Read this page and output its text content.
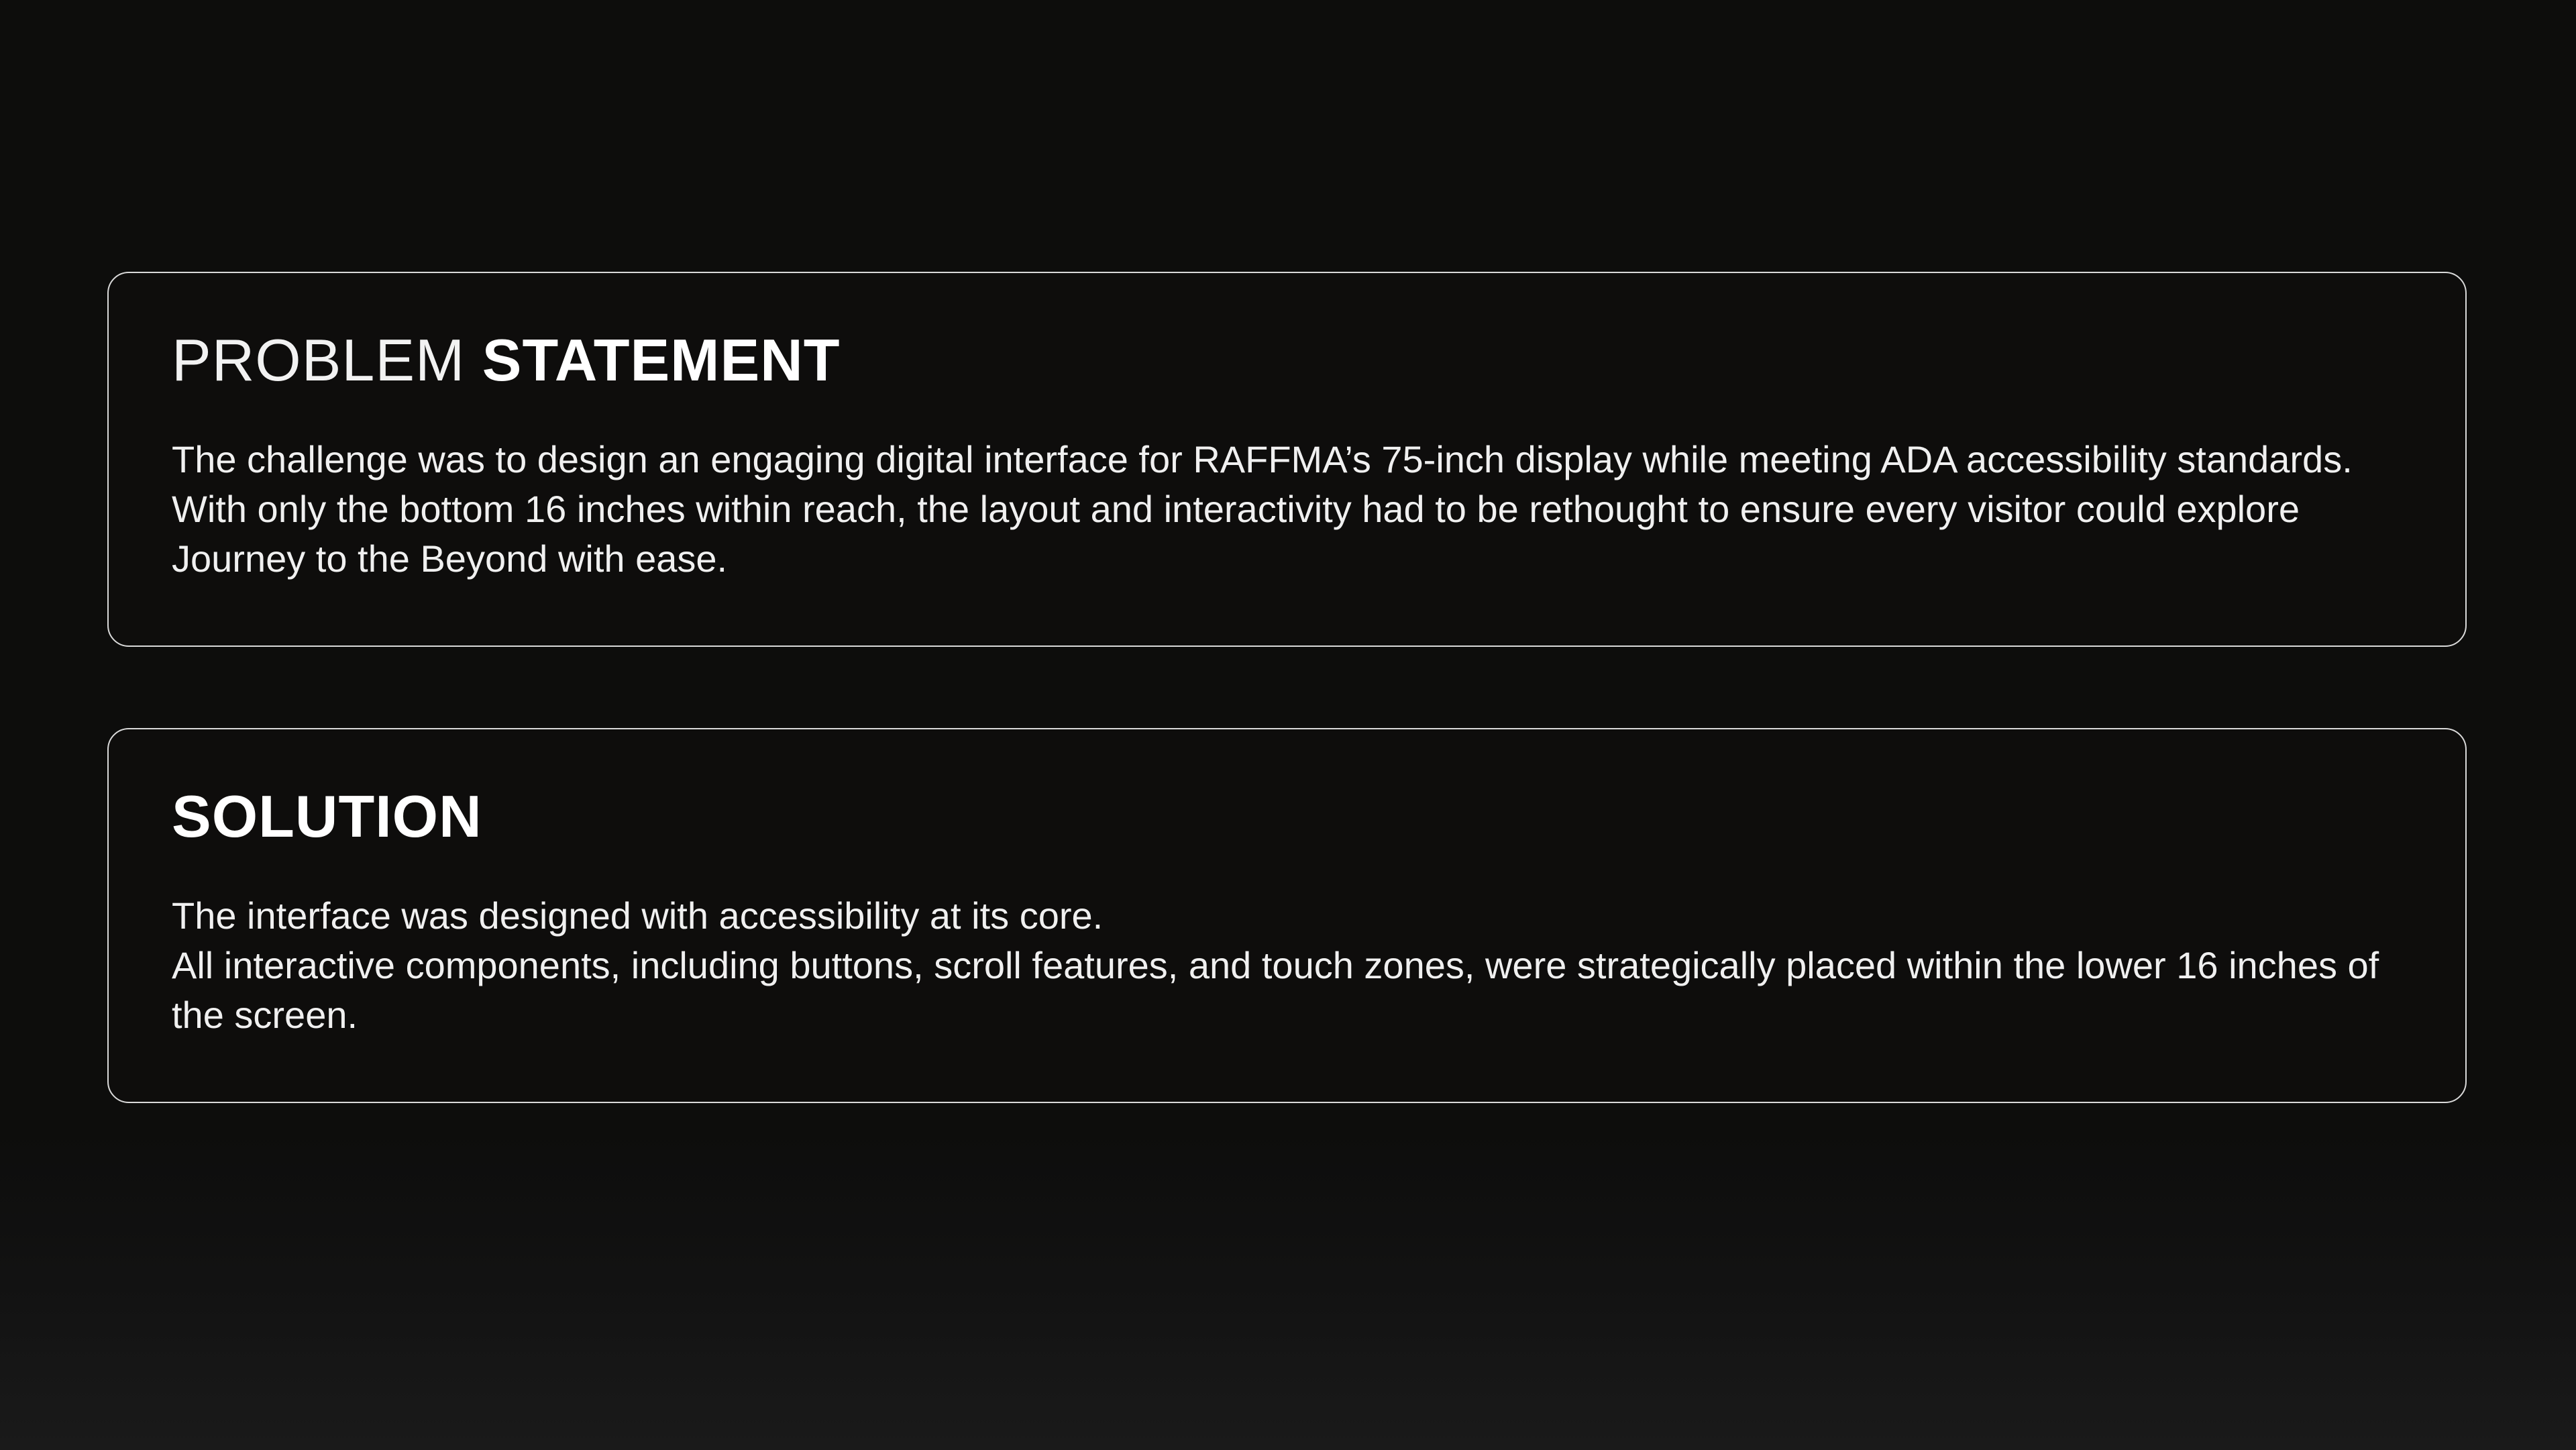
PROBLEM STATEMENT

The challenge was to design an engaging digital interface for RAFFMA’s 75-inch display while meeting ADA accessibility standards. With only the bottom 16 inches within reach, the layout and interactivity had to be rethought to ensure every visitor could explore Journey to the Beyond with ease.

SOLUTION

The interface was designed with accessibility at its core.

All interactive components, including buttons, scroll features, and touch zones, were strategically placed within the lower 16 inches of the screen.
